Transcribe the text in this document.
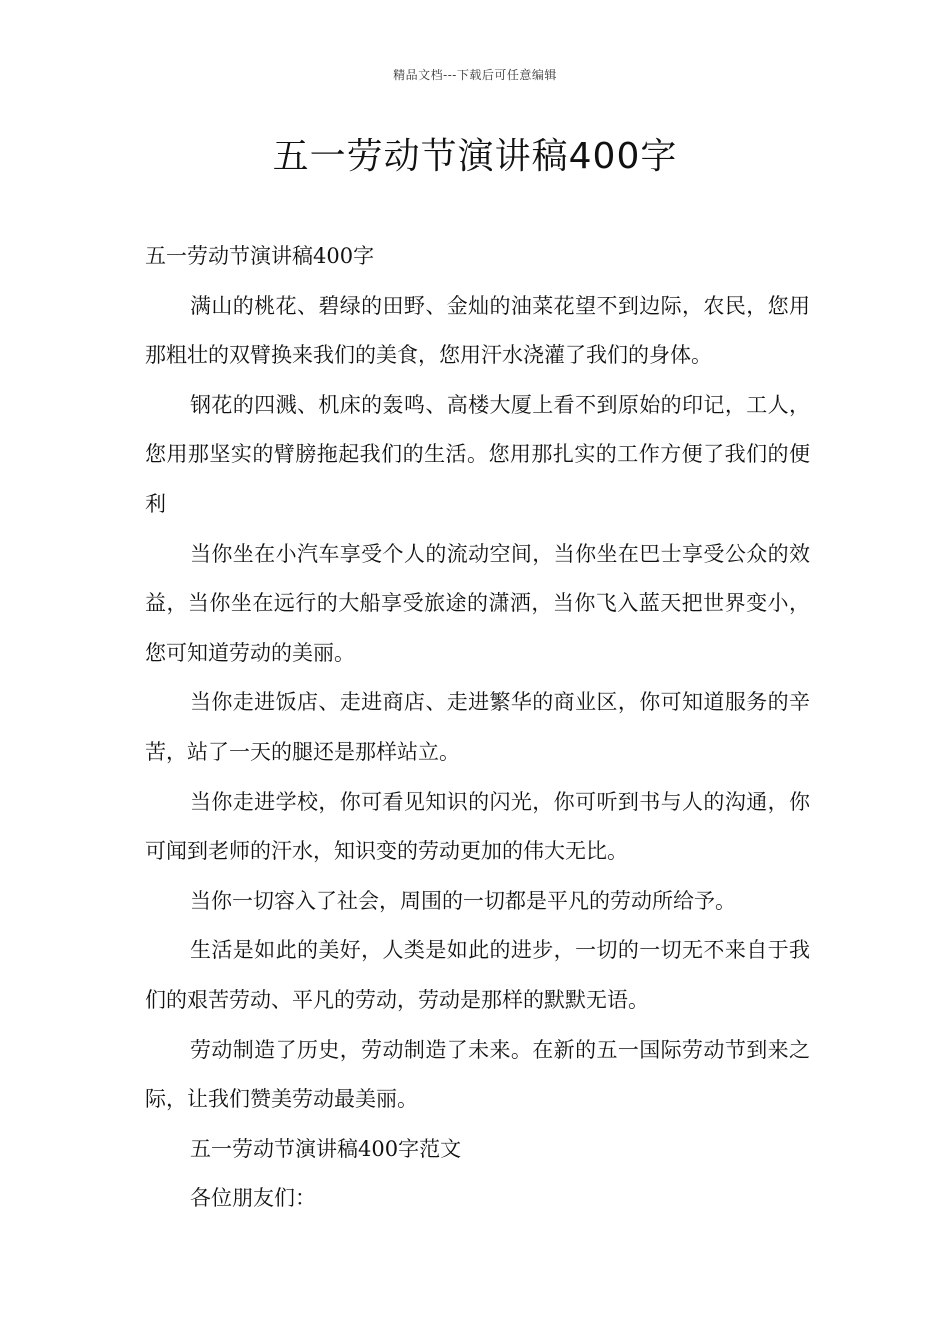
精品文档---下载后可任意编辑
五一劳动节演讲稿400字

五一劳动节演讲稿400字

满山的桃花、碧绿的田野、金灿的油菜花望不到边际，农民，您用那粗壮的双臂换来我们的美食，您用汗水浇灌了我们的身体。

钢花的四溅、机床的轰鸣、高楼大厦上看不到原始的印记，工人，您用那坚实的臂膀拖起我们的生活。您用那扎实的工作方便了我们的便利

当你坐在小汽车享受个人的流动空间，当你坐在巴士享受公众的效益，当你坐在远行的大船享受旅途的潇洒，当你飞入蓝天把世界变小，您可知道劳动的美丽。

当你走进饭店、走进商店、走进繁华的商业区，你可知道服务的辛苦，站了一天的腿还是那样站立。

当你走进学校，你可看见知识的闪光，你可听到书与人的沟通，你可闻到老师的汗水，知识变的劳动更加的伟大无比。

当你一切容入了社会，周围的一切都是平凡的劳动所给予。

生活是如此的美好，人类是如此的进步，一切的一切无不来自于我们的艰苦劳动、平凡的劳动，劳动是那样的默默无语。

劳动制造了历史，劳动制造了未来。在新的五一国际劳动节到来之际，让我们赞美劳动最美丽。

五一劳动节演讲稿400字范文

各位朋友们：
